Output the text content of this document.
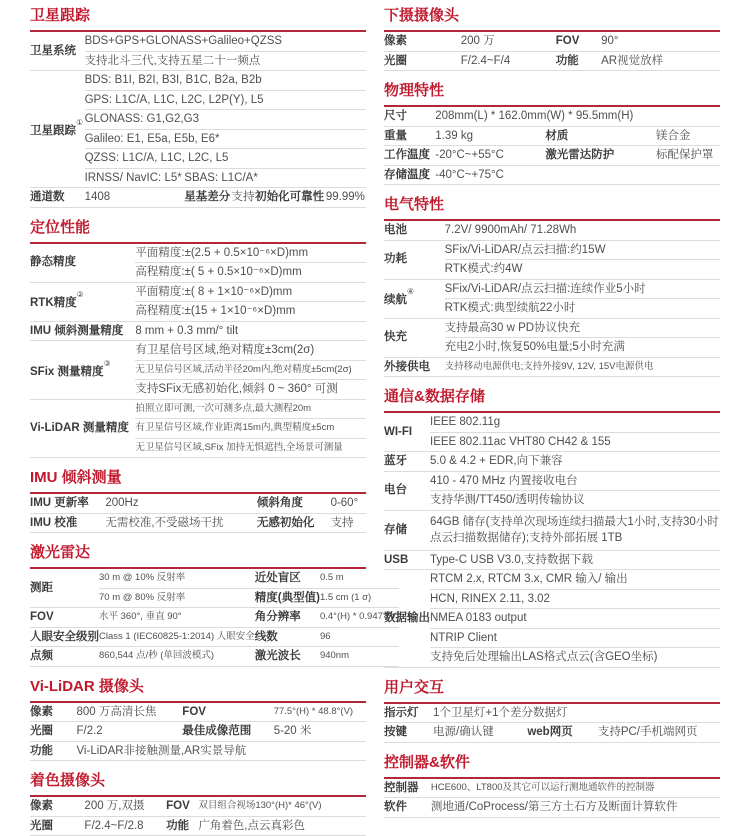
卫星跟踪
卫星系统	BDS+GPS+GLONASS+Galileo+QZSS				
	支持北斗三代,支持五星二十一频点				
卫星跟踪①	BDS: B1I, B2I, B3I, B1C, B2a, B2b				
	GPS: L1C/A, L1C, L2C, L2P(Y), L5				
	GLONASS: G1,G2,G3				
	Galileo: E1, E5a, E5b, E6*				
	QZSS: L1C/A, L1C, L2C, L5				
	IRNSS/ NavIC: L5*	SBAS: L1C/A*			
通道数	1408	星基差分	支持	初始化可靠性	99.99%
定位性能
静态精度	平面精度:±(2.5 + 0.5×10⁻⁶×D)mm
	高程精度:±( 5 + 0.5×10⁻⁶×D)mm
RTK精度②	平面精度:±( 8 + 1×10⁻⁶×D)mm
	高程精度:±(15 + 1×10⁻⁶×D)mm
IMU 倾斜测量精度	8 mm + 0.3 mm/° tilt
SFix 测量精度③	有卫星信号区域,绝对精度±3cm(2σ)
	无卫星信号区域,活动半径20m内,绝对精度±5cm(2σ)
	支持SFix无感初始化,倾斜 0 ~ 360° 可测
Vi-LiDAR 测量精度	拍照立即可测,一次可测多点,最大测程20m
	有卫星信号区域,作业距离15m内,典型精度±5cm
	无卫星信号区域,SFix 加持无惧遮挡,全场景可测量
IMU 倾斜测量
IMU 更新率	200Hz	倾斜角度	0-60°
IMU 校准	无需校准,不受磁场干扰	无感初始化	支持
激光雷达
测距	30 m @ 10% 反射率	近处盲区	0.5 m
	70 m @ 80% 反射率	精度(典型值)	1.5 cm (1 σ)
FOV	水平 360°, 垂直 90°	角分辨率	0.4°(H) * 0.947°(V)
人眼安全级别	Class 1 (IEC60825-1:2014) 人眼安全	线数	96
点频	860,544 点/秒 (单回波模式)	激光波长	940nm
Vi-LiDAR 摄像头
像素	800 万高清长焦	FOV	77.5°(H) * 48.8°(V)
光圈	F/2.2	最佳成像范围	5-20 米
功能	Vi-LiDAR非接触测量,AR实景导航		
着色摄像头
像素	200 万,双摄	FOV	双目组合视场130°(H)* 46°(V)
光圈	F/2.4~F/2.8	功能	广角着色,点云真彩色
下摄摄像头
像素	200 万	FOV	90°
光圈	F/2.4~F/4	功能	AR视觉放样
物理特性
尺寸	208mm(L) * 162.0mm(W) * 95.5mm(H)		
重量	1.39 kg	材质	镁合金
工作温度	-20°C~+55°C	激光雷达防护	标配保护罩
存储温度	-40°C~+75°C		
电气特性
电池	7.2V/ 9900mAh/ 71.28Wh
功耗	SFix/Vi-LiDAR/点云扫描:约15W
	RTK模式:约4W
续航④	SFix/Vi-LiDAR/点云扫描:连续作业5小时
	RTK模式:典型续航22小时
快充	支持最高30 w PD协议快充
	充电2小时,恢复50%电量;5小时充满
外接供电	支持移动电源供电;支持外接9V, 12V, 15V电源供电
通信&数据存储
WI-FI	IEEE 802.11g
	IEEE 802.11ac VHT80 CH42 & 155
蓝牙	5.0 & 4.2 + EDR,向下兼容
电台	410 - 470 MHz 内置接收电台
	支持华测/TT450/透明传输协议
存储	64GB 储存(支持单次现场连续扫描最大1小时,支持30小时点云扫描数据储存);支持外部拓展 1TB
USB	Type-C USB V3.0,支持数据下载
数据输出	RTCM 2.x, RTCM 3.x, CMR 输入/ 输出
	HCN, RINEX 2.11, 3.02
	NMEA 0183 output
	NTRIP Client
	支持免后处理输出LAS格式点云(含GEO坐标)
用户交互
指示灯	1个卫星灯+1个差分数据灯		
按键	电源/确认键	web网页	支持PC/手机端网页
控制器&软件
控制器	HCE600、LT800及其它可以运行测地通软件的控制器
软件	测地通/CoProcess/第三方土石方及断面计算软件
